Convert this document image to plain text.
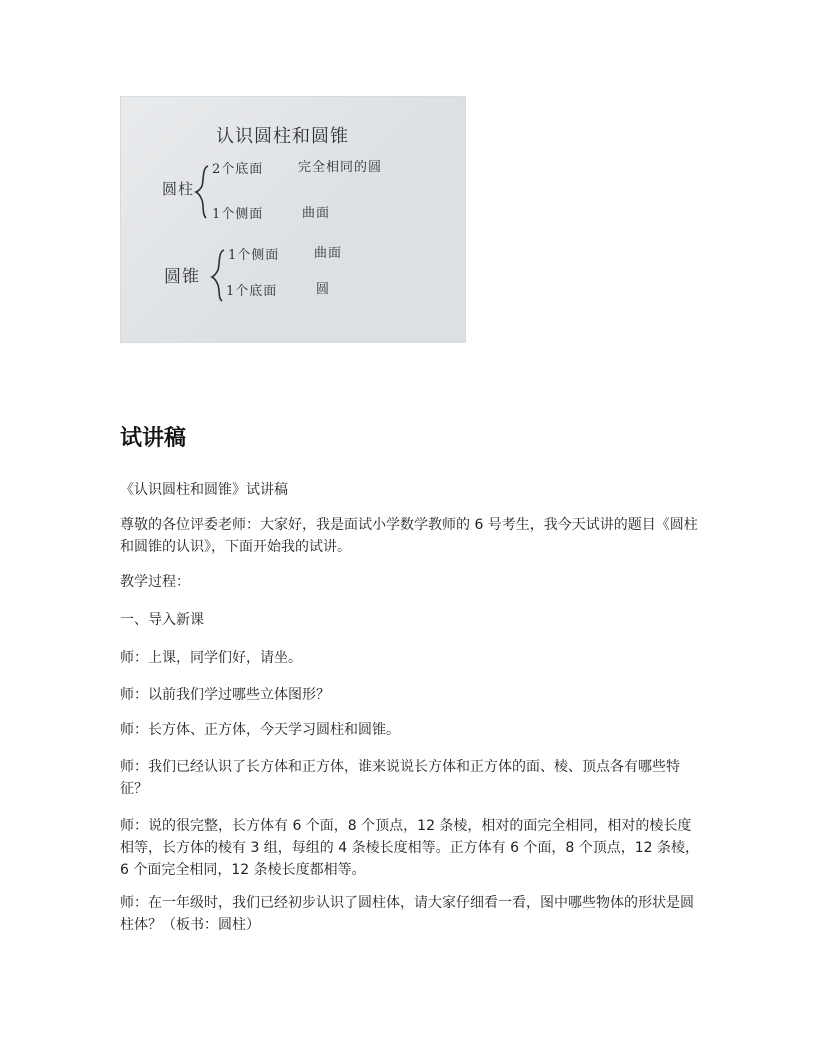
认识圆柱和圆锥
圆柱
2个底面	完全相同的圆
1个侧面	曲面
圆锥
1个侧面	曲面
1个底面	圆
试讲稿

《认识圆柱和圆锥》试讲稿

尊敬的各位评委老师：大家好，我是面试小学数学教师的 6 号考生，我今天试讲的题目《圆柱和圆锥的认识》，下面开始我的试讲。

教学过程：

一、导入新课

师：上课，同学们好，请坐。

师：以前我们学过哪些立体图形？

师：长方体、正方体，今天学习圆柱和圆锥。

师：我们已经认识了长方体和正方体，谁来说说长方体和正方体的面、棱、顶点各有哪些特征？

师：说的很完整，长方体有 6 个面，8 个顶点，12 条棱，相对的面完全相同，相对的棱长度相等，长方体的棱有 3 组，每组的 4 条棱长度相等。正方体有 6 个面，8 个顶点，12 条棱，6 个面完全相同，12 条棱长度都相等。

师：在一年级时，我们已经初步认识了圆柱体，请大家仔细看一看，图中哪些物体的形状是圆柱体？（板书：圆柱）
